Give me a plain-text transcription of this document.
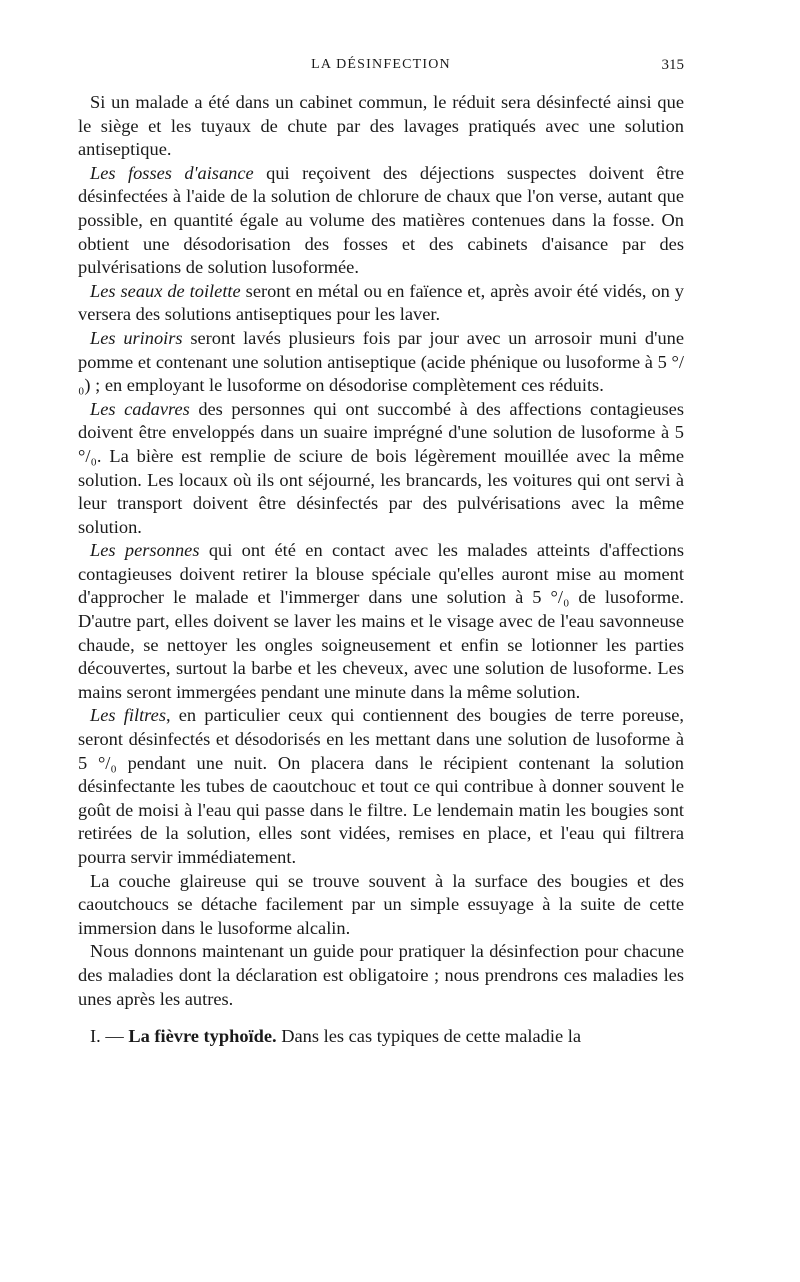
LA DÉSINFECTION	315

Si un malade a été dans un cabinet commun, le réduit sera désinfecté ainsi que le siège et les tuyaux de chute par des lavages pratiqués avec une solution antiseptique.

Les fosses d'aisance qui reçoivent des déjections suspectes doivent être désinfectées à l'aide de la solution de chlorure de chaux que l'on verse, autant que possible, en quantité égale au volume des matières contenues dans la fosse. On obtient une désodorisation des fosses et des cabinets d'aisance par des pulvérisations de solution lusoformée.

Les seaux de toilette seront en métal ou en faïence et, après avoir été vidés, on y versera des solutions antiseptiques pour les laver.

Les urinoirs seront lavés plusieurs fois par jour avec un arrosoir muni d'une pomme et contenant une solution antiseptique (acide phénique ou lusoforme à 5 °/₀) ; en employant le lusoforme on désodorise complètement ces réduits.

Les cadavres des personnes qui ont succombé à des affections contagieuses doivent être enveloppés dans un suaire imprégné d'une solution de lusoforme à 5 °/₀. La bière est remplie de sciure de bois légèrement mouillée avec la même solution. Les locaux où ils ont séjourné, les brancards, les voitures qui ont servi à leur transport doivent être désinfectés par des pulvérisations avec la même solution.

Les personnes qui ont été en contact avec les malades atteints d'affections contagieuses doivent retirer la blouse spéciale qu'elles auront mise au moment d'approcher le malade et l'immerger dans une solution à 5 °/₀ de lusoforme. D'autre part, elles doivent se laver les mains et le visage avec de l'eau savonneuse chaude, se nettoyer les ongles soigneusement et enfin se lotionner les parties découvertes, surtout la barbe et les cheveux, avec une solution de lusoforme. Les mains seront immergées pendant une minute dans la même solution.

Les filtres, en particulier ceux qui contiennent des bougies de terre poreuse, seront désinfectés et désodorisés en les mettant dans une solution de lusoforme à 5 °/₀ pendant une nuit. On placera dans le récipient contenant la solution désinfectante les tubes de caoutchouc et tout ce qui contribue à donner souvent le goût de moisi à l'eau qui passe dans le filtre. Le lendemain matin les bougies sont retirées de la solution, elles sont vidées, remises en place, et l'eau qui filtrera pourra servir immédiatement.

La couche glaireuse qui se trouve souvent à la surface des bougies et des caoutchoucs se détache facilement par un simple essuyage à la suite de cette immersion dans le lusoforme alcalin.

Nous donnons maintenant un guide pour pratiquer la désinfection pour chacune des maladies dont la déclaration est obligatoire ; nous prendrons ces maladies les unes après les autres.

I. — La fièvre typhoïde. Dans les cas typiques de cette maladie la
